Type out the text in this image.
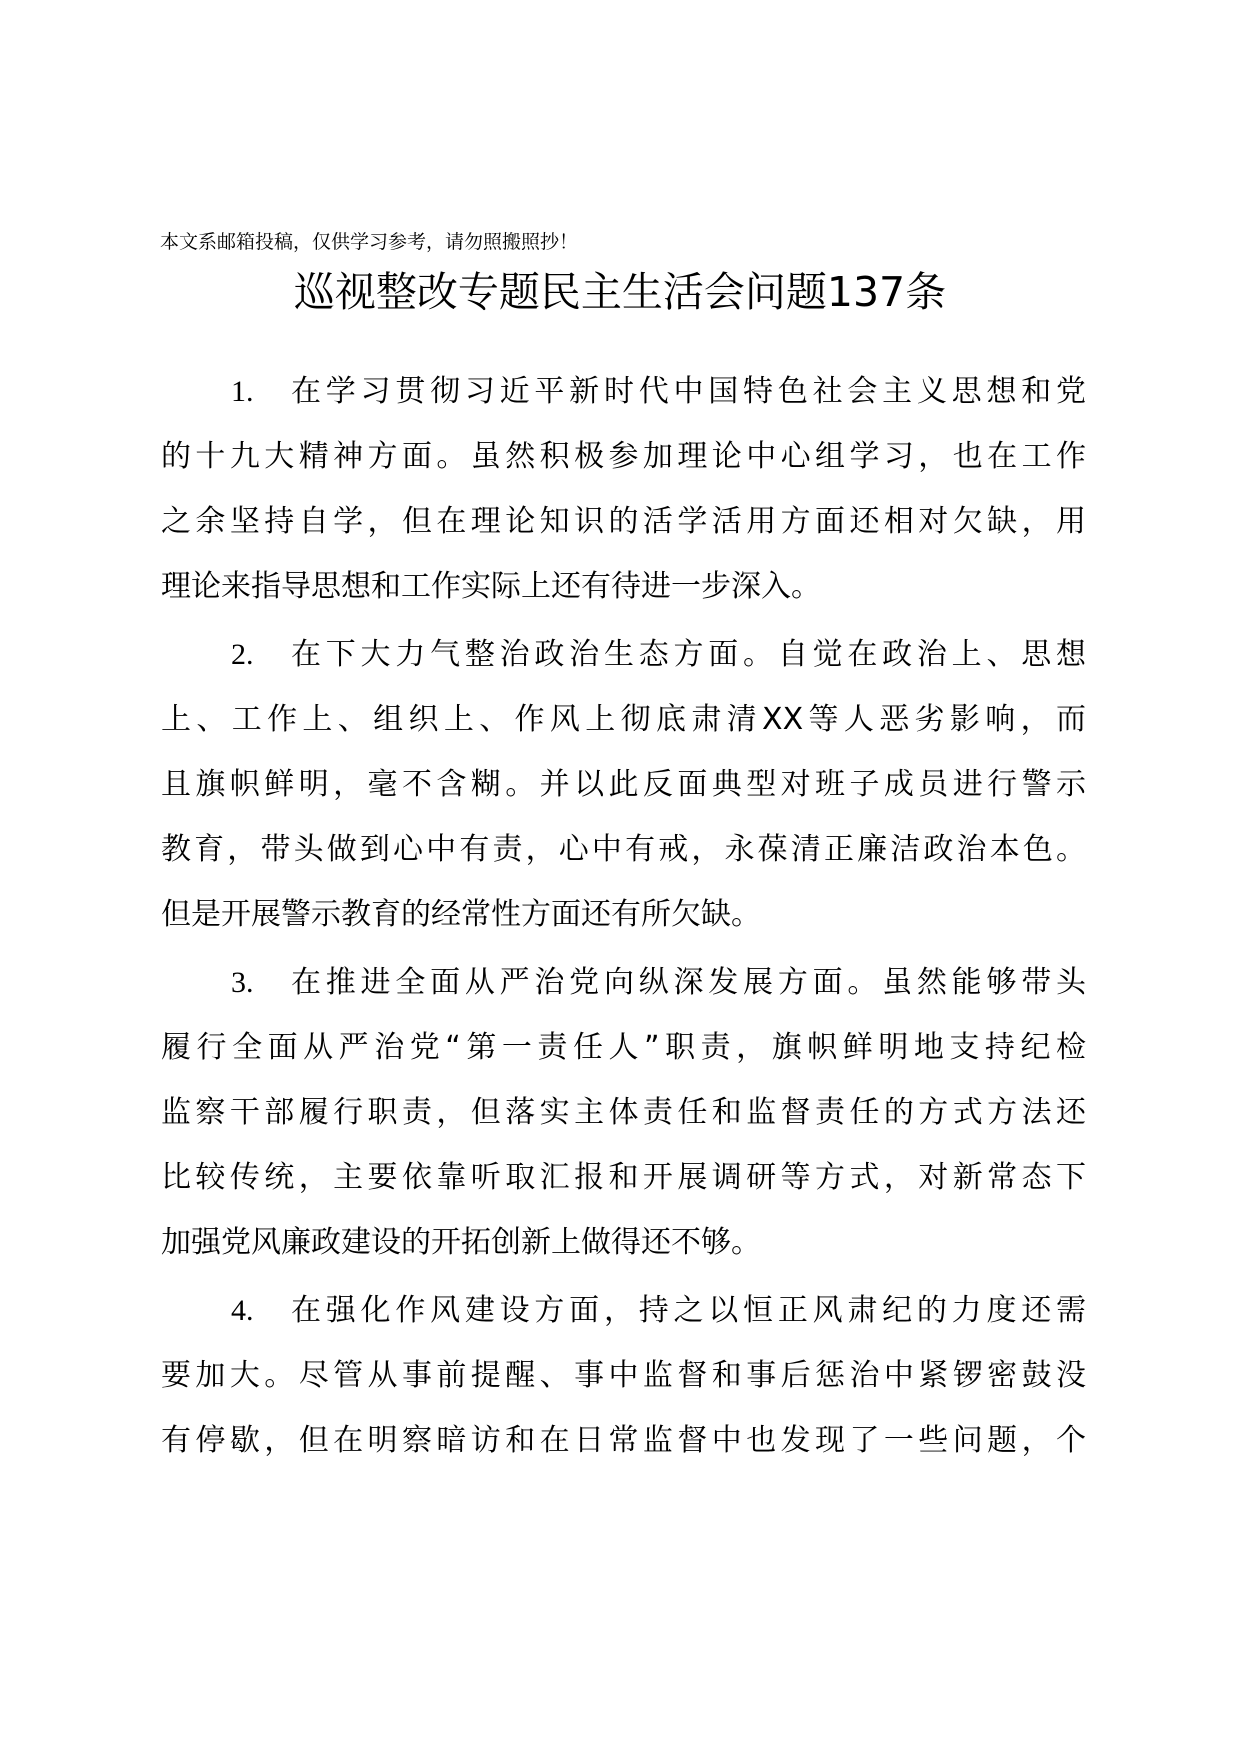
本文系邮箱投稿，仅供学习参考，请勿照搬照抄！
巡视整改专题民主生活会问题137条
1.	在学习贯彻习近平新时代中国特色社会主义思想和党
的十九大精神方面。虽然积极参加理论中心组学习，也在工作
之余坚持自学，但在理论知识的活学活用方面还相对欠缺，用
理论来指导思想和工作实际上还有待进一步深入。
2.	在下大力气整治政治生态方面。自觉在政治上、思想
上、工作上、组织上、作风上彻底肃清XX等人恶劣影响，而
且旗帜鲜明，毫不含糊。并以此反面典型对班子成员进行警示
教育，带头做到心中有责，心中有戒，永葆清正廉洁政治本色。
但是开展警示教育的经常性方面还有所欠缺。
3.	在推进全面从严治党向纵深发展方面。虽然能够带头
履行全面从严治党“第一责任人”职责，旗帜鲜明地支持纪检
监察干部履行职责，但落实主体责任和监督责任的方式方法还
比较传统，主要依靠听取汇报和开展调研等方式，对新常态下
加强党风廉政建设的开拓创新上做得还不够。
4.	在强化作风建设方面，持之以恒正风肃纪的力度还需
要加大。尽管从事前提醒、事中监督和事后惩治中紧锣密鼓没
有停歇，但在明察暗访和在日常监督中也发现了一些问题，个
